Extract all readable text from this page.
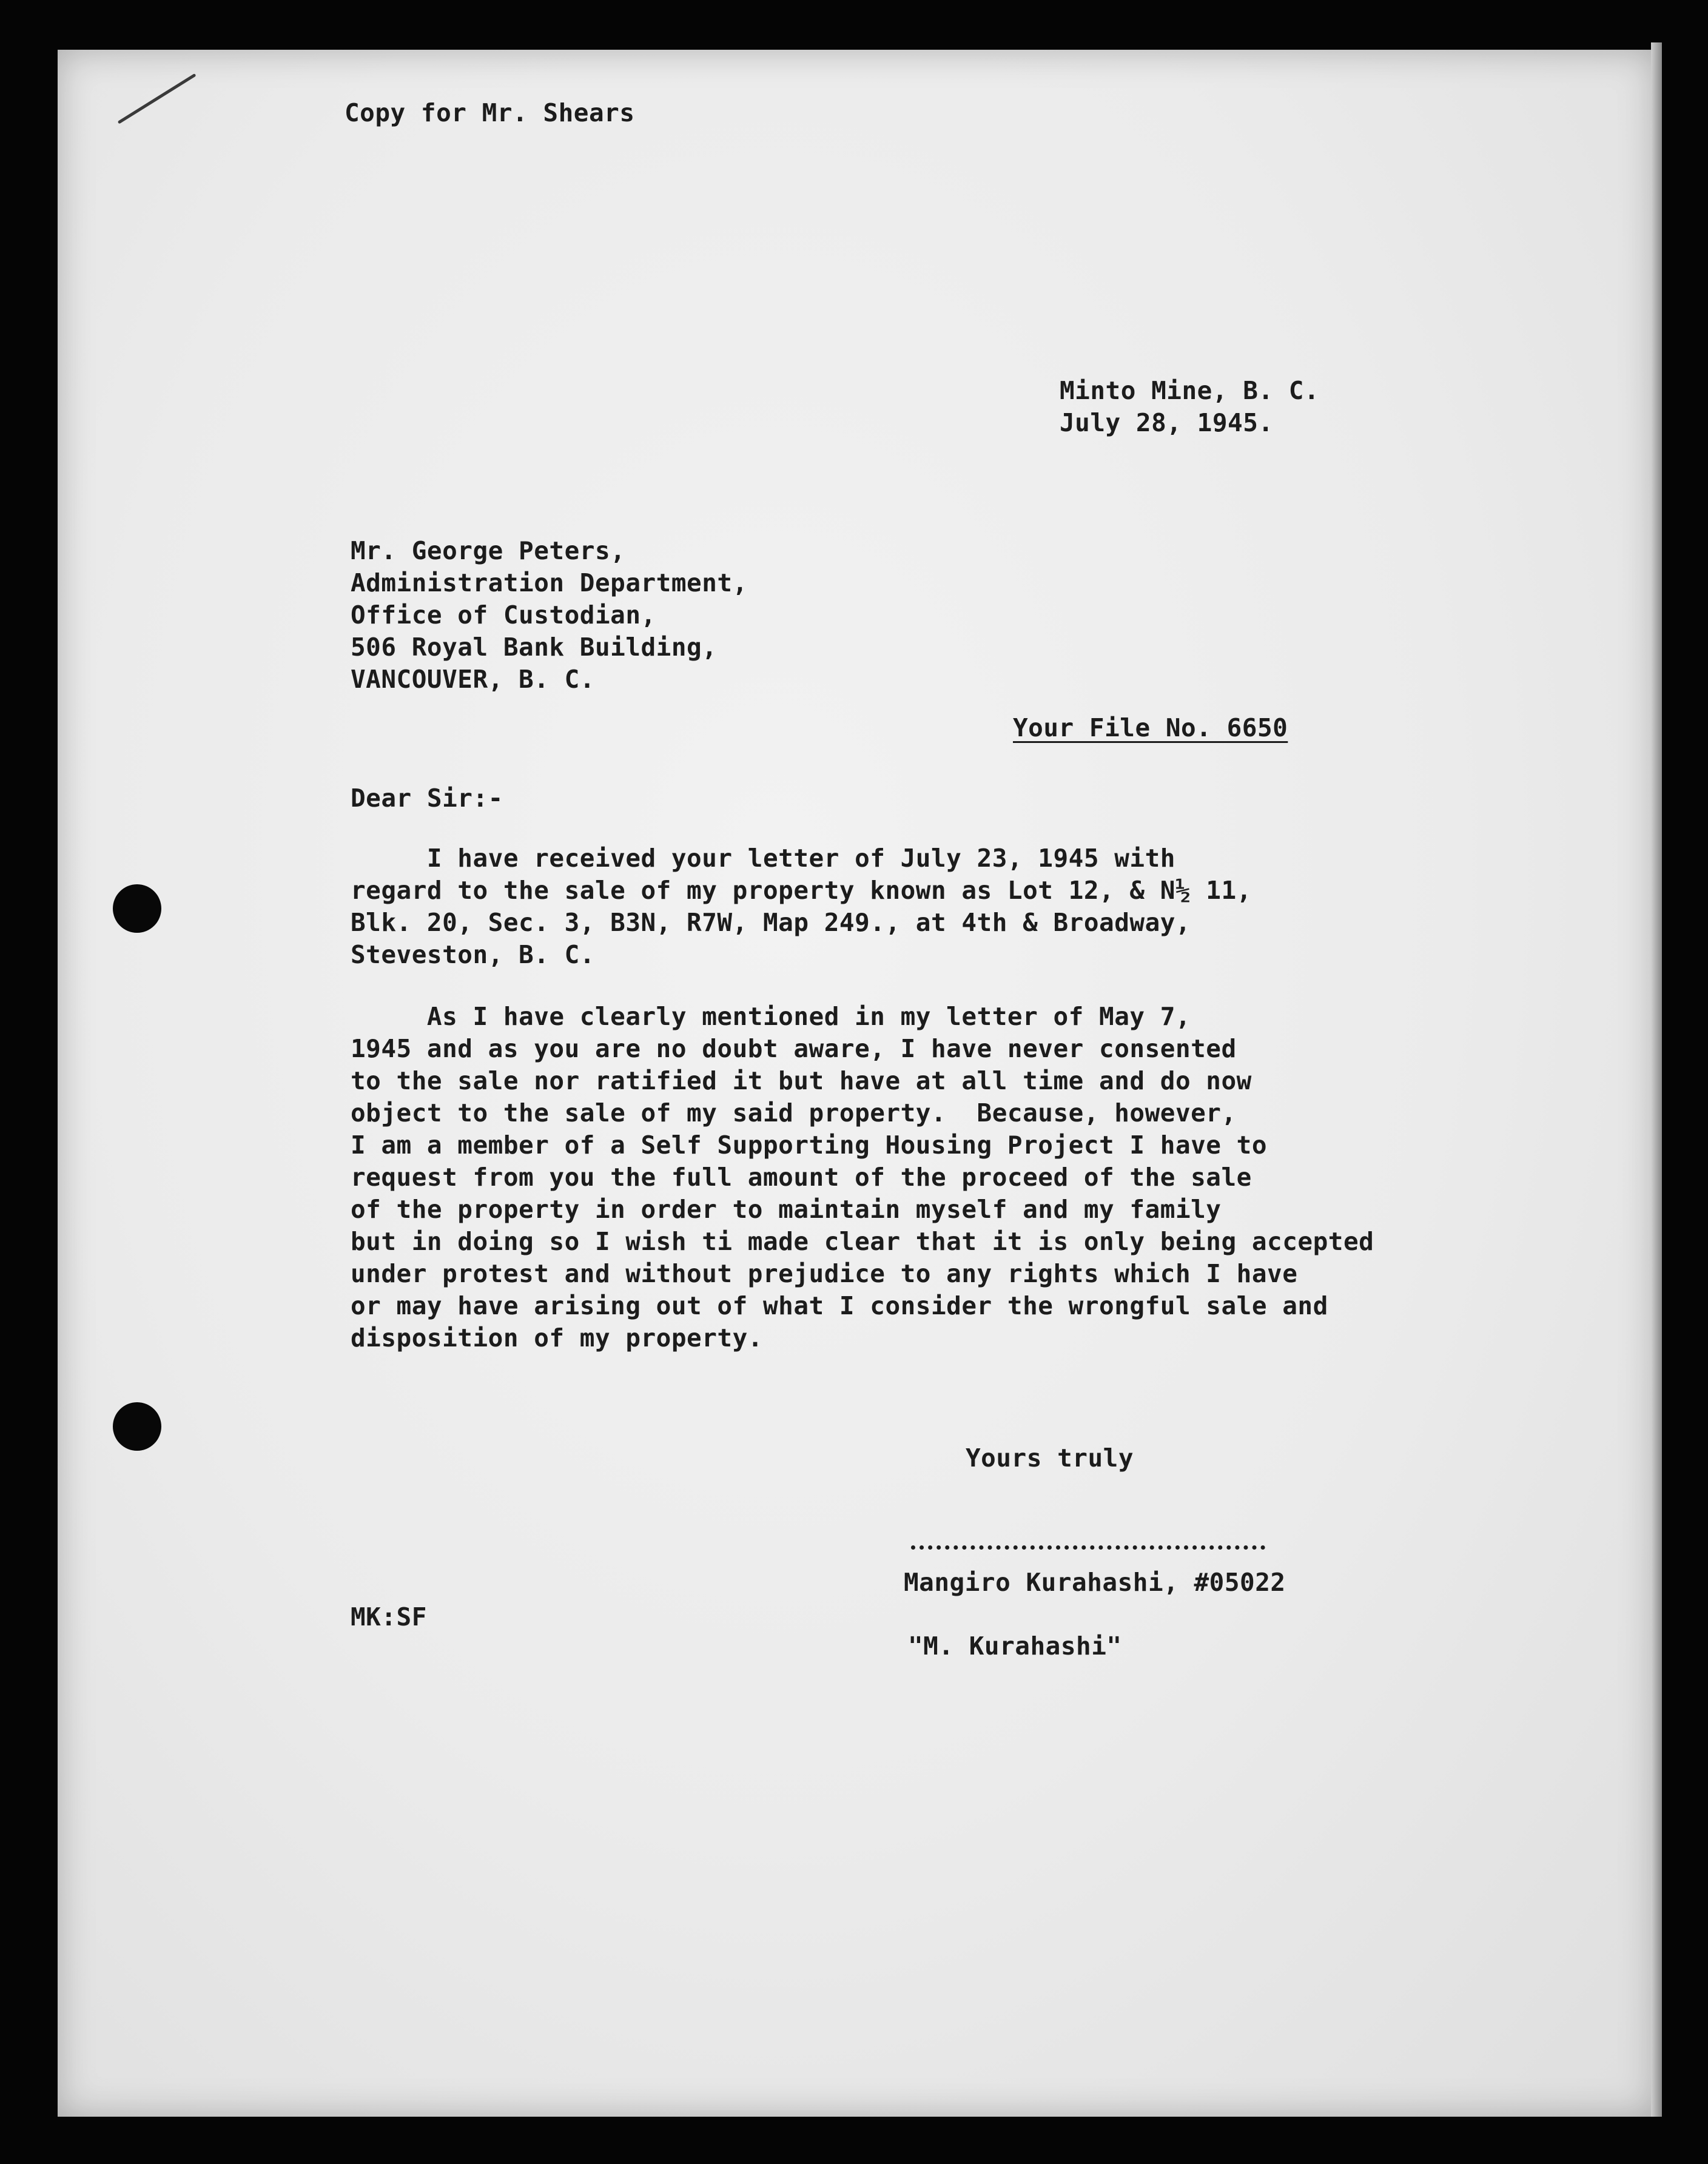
Copy for Mr. Shears
Minto Mine, B. C.
July 28, 1945.
Mr. George Peters,
Administration Department,
Office of Custodian,
506 Royal Bank Building,
VANCOUVER, B. C.
Your File No. 6650
Dear Sir:-
I have received your letter of July 23, 1945 with
regard to the sale of my property known as Lot 12, & N½ 11,
Blk. 20, Sec. 3, B3N, R7W, Map 249., at 4th & Broadway,
Steveston, B. C.
As I have clearly mentioned in my letter of May 7,
1945 and as you are no doubt aware, I have never consented
to the sale nor ratified it but have at all time and do now
object to the sale of my said property.  Because, however,
I am a member of a Self Supporting Housing Project I have to
request from you the full amount of the proceed of the sale
of the property in order to maintain myself and my family
but in doing so I wish ti made clear that it is only being accepted
under protest and without prejudice to any rights which I have
or may have arising out of what I consider the wrongful sale and
disposition of my property.
Yours truly
Mangiro Kurahashi, #05022
MK:SF
"M. Kurahashi"
